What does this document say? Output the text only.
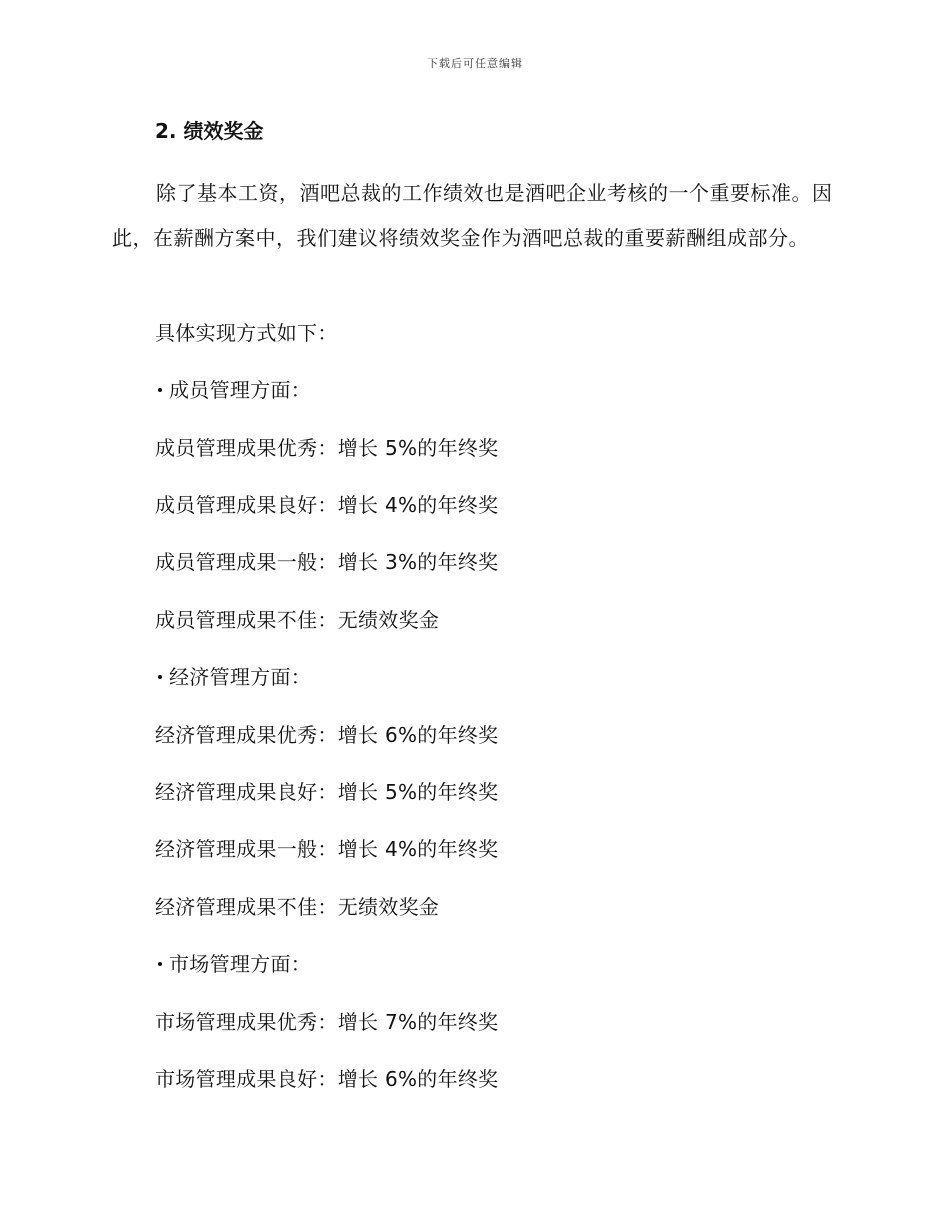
下载后可任意编辑
2. 绩效奖金

除了基本工资，酒吧总裁的工作绩效也是酒吧企业考核的一个重要标准。因此，在薪酬方案中，我们建议将绩效奖金作为酒吧总裁的重要薪酬组成部分。

具体实现方式如下：
成员管理方面：
成员管理成果优秀：增长 5%的年终奖
成员管理成果良好：增长 4%的年终奖
成员管理成果一般：增长 3%的年终奖
成员管理成果不佳：无绩效奖金
经济管理方面：
经济管理成果优秀：增长 6%的年终奖
经济管理成果良好：增长 5%的年终奖
经济管理成果一般：增长 4%的年终奖
经济管理成果不佳：无绩效奖金
市场管理方面：
市场管理成果优秀：增长 7%的年终奖
市场管理成果良好：增长 6%的年终奖
